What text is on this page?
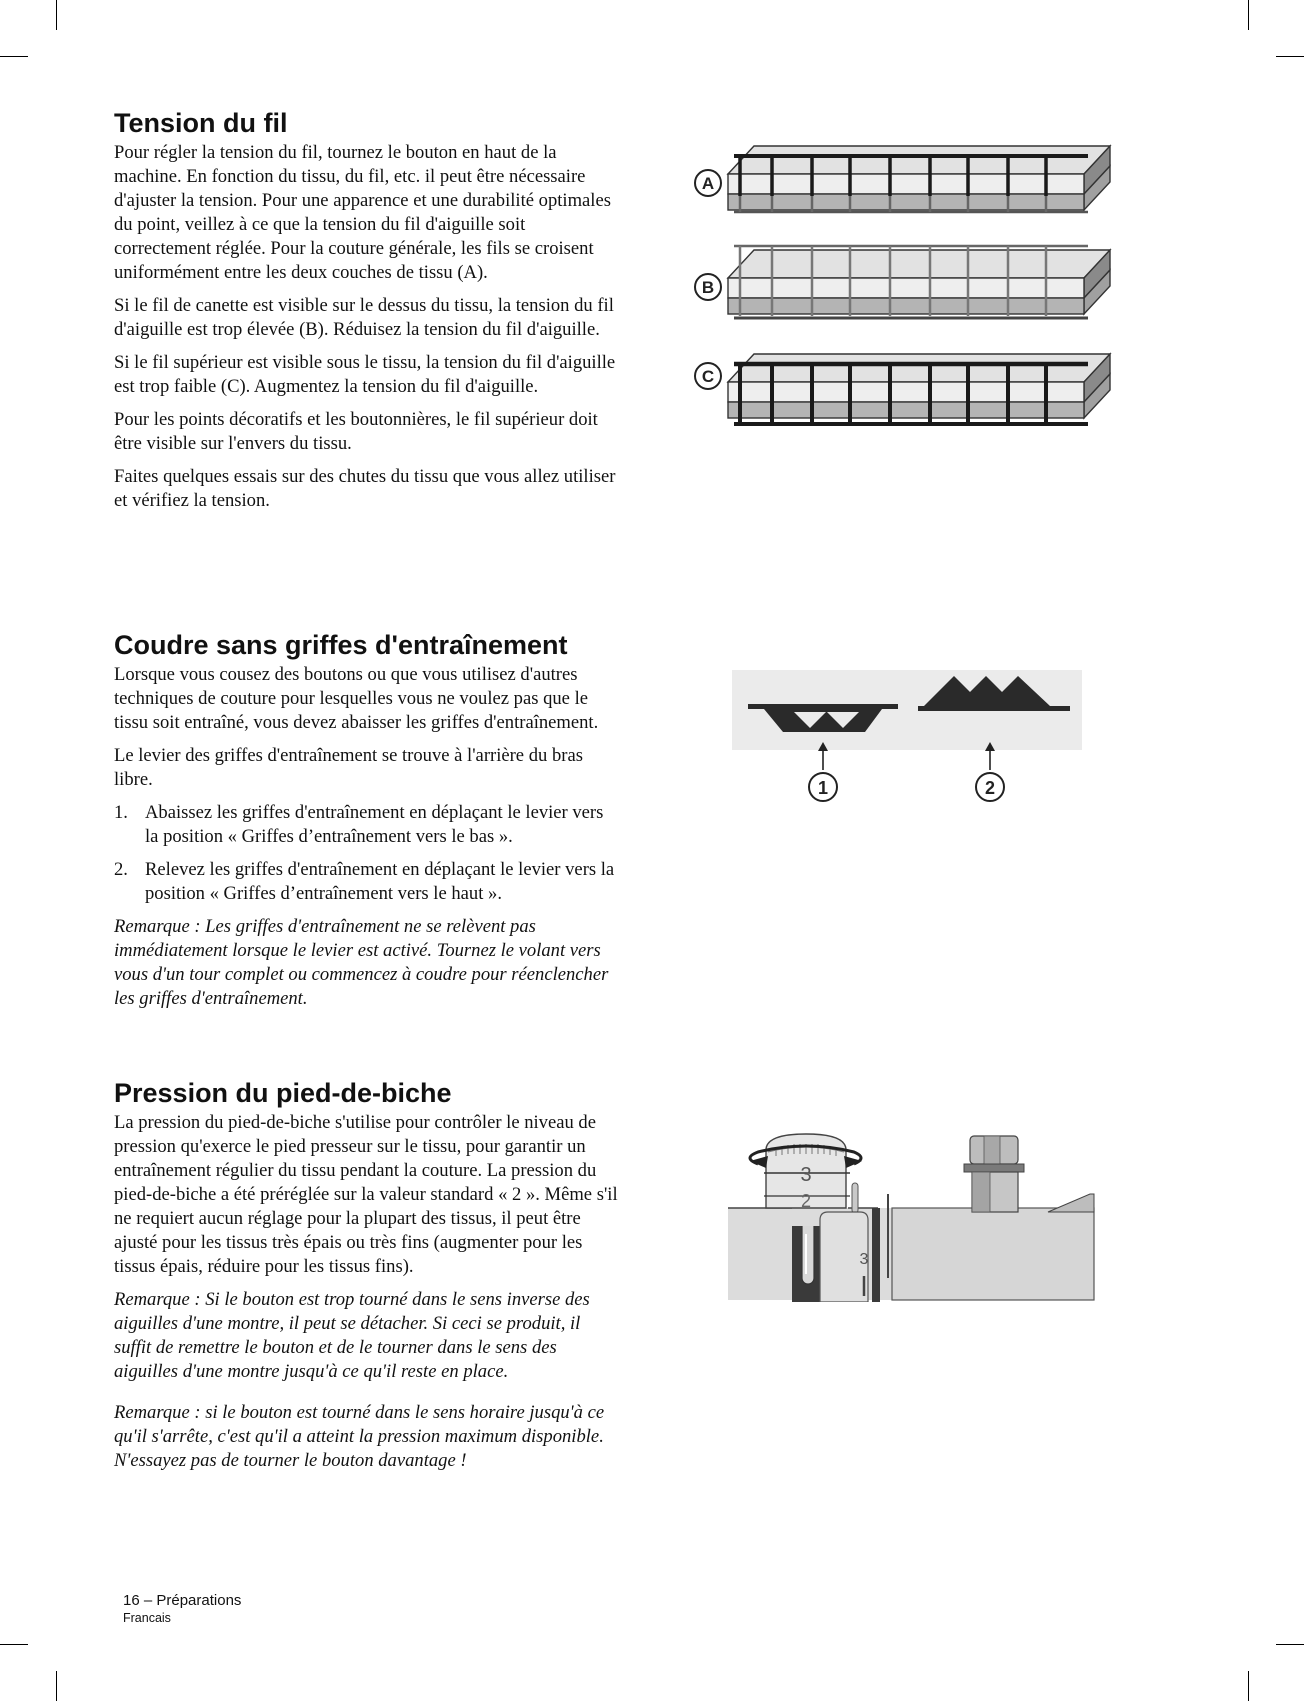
Tension du fil

Pour régler la tension du fil, tournez le bouton en haut de la machine. En fonction du tissu, du fil, etc. il peut être nécessaire d'ajuster la tension. Pour une apparence et une durabilité optimales du point, veillez à ce que la tension du fil d'aiguille soit correctement réglée. Pour la couture générale, les fils se croisent uniformément entre les deux couches de tissu (A).

Si le fil de canette est visible sur le dessus du tissu, la tension du fil d'aiguille est trop élevée (B). Réduisez la tension du fil d'aiguille.

Si le fil supérieur est visible sous le tissu, la tension du fil d'aiguille est trop faible (C). Augmentez la tension du fil d'aiguille.

Pour les points décoratifs et les boutonnières, le fil supérieur doit être visible sur l'envers du tissu.

Faites quelques essais sur des chutes du tissu que vous allez utiliser et vérifiez la tension.

A
B
C
Coudre sans griffes d'entraînement

Lorsque vous cousez des boutons ou que vous utilisez d'autres techniques de couture pour lesquelles vous ne voulez pas que le tissu soit entraîné, vous devez abaisser les griffes d'entraînement.

Le levier des griffes d'entraînement se trouve à l'arrière du bras libre.

1. Abaissez les griffes d'entraînement en déplaçant le levier vers la position « Griffes d’entraînement vers le bas ».
2. Relevez les griffes d'entraînement en déplaçant le levier vers la position « Griffes d’entraînement vers le haut ».

Remarque : Les griffes d'entraînement ne se relèvent pas immédiatement lorsque le levier est activé. Tournez le volant vers vous d'un tour complet ou commencez à coudre pour réenclencher les griffes d'entraînement.

1	2
Pression du pied-de-biche

La pression du pied-de-biche s'utilise pour contrôler le niveau de pression qu'exerce le pied presseur sur le tissu, pour garantir un entraînement régulier du tissu pendant la couture. La pression du pied-de-biche a été préréglée sur la valeur standard « 2 ». Même s'il ne requiert aucun réglage pour la plupart des tissus, il peut être ajusté pour les tissus très épais ou très fins (augmenter pour les tissus épais, réduire pour les tissus fins).

Remarque : Si le bouton est trop tourné dans le sens inverse des aiguilles d'une montre, il peut se détacher. Si ceci se produit, il suffit de remettre le bouton et de le tourner dans le sens des aiguilles d'une montre jusqu'à ce qu'il reste en place.

Remarque : si le bouton est tourné dans le sens horaire jusqu'à ce qu'il s'arrête, c'est qu'il a atteint la pression maximum disponible. N'essayez pas de tourner le bouton davantage !

3
2
3
16 – Préparations
Francais
